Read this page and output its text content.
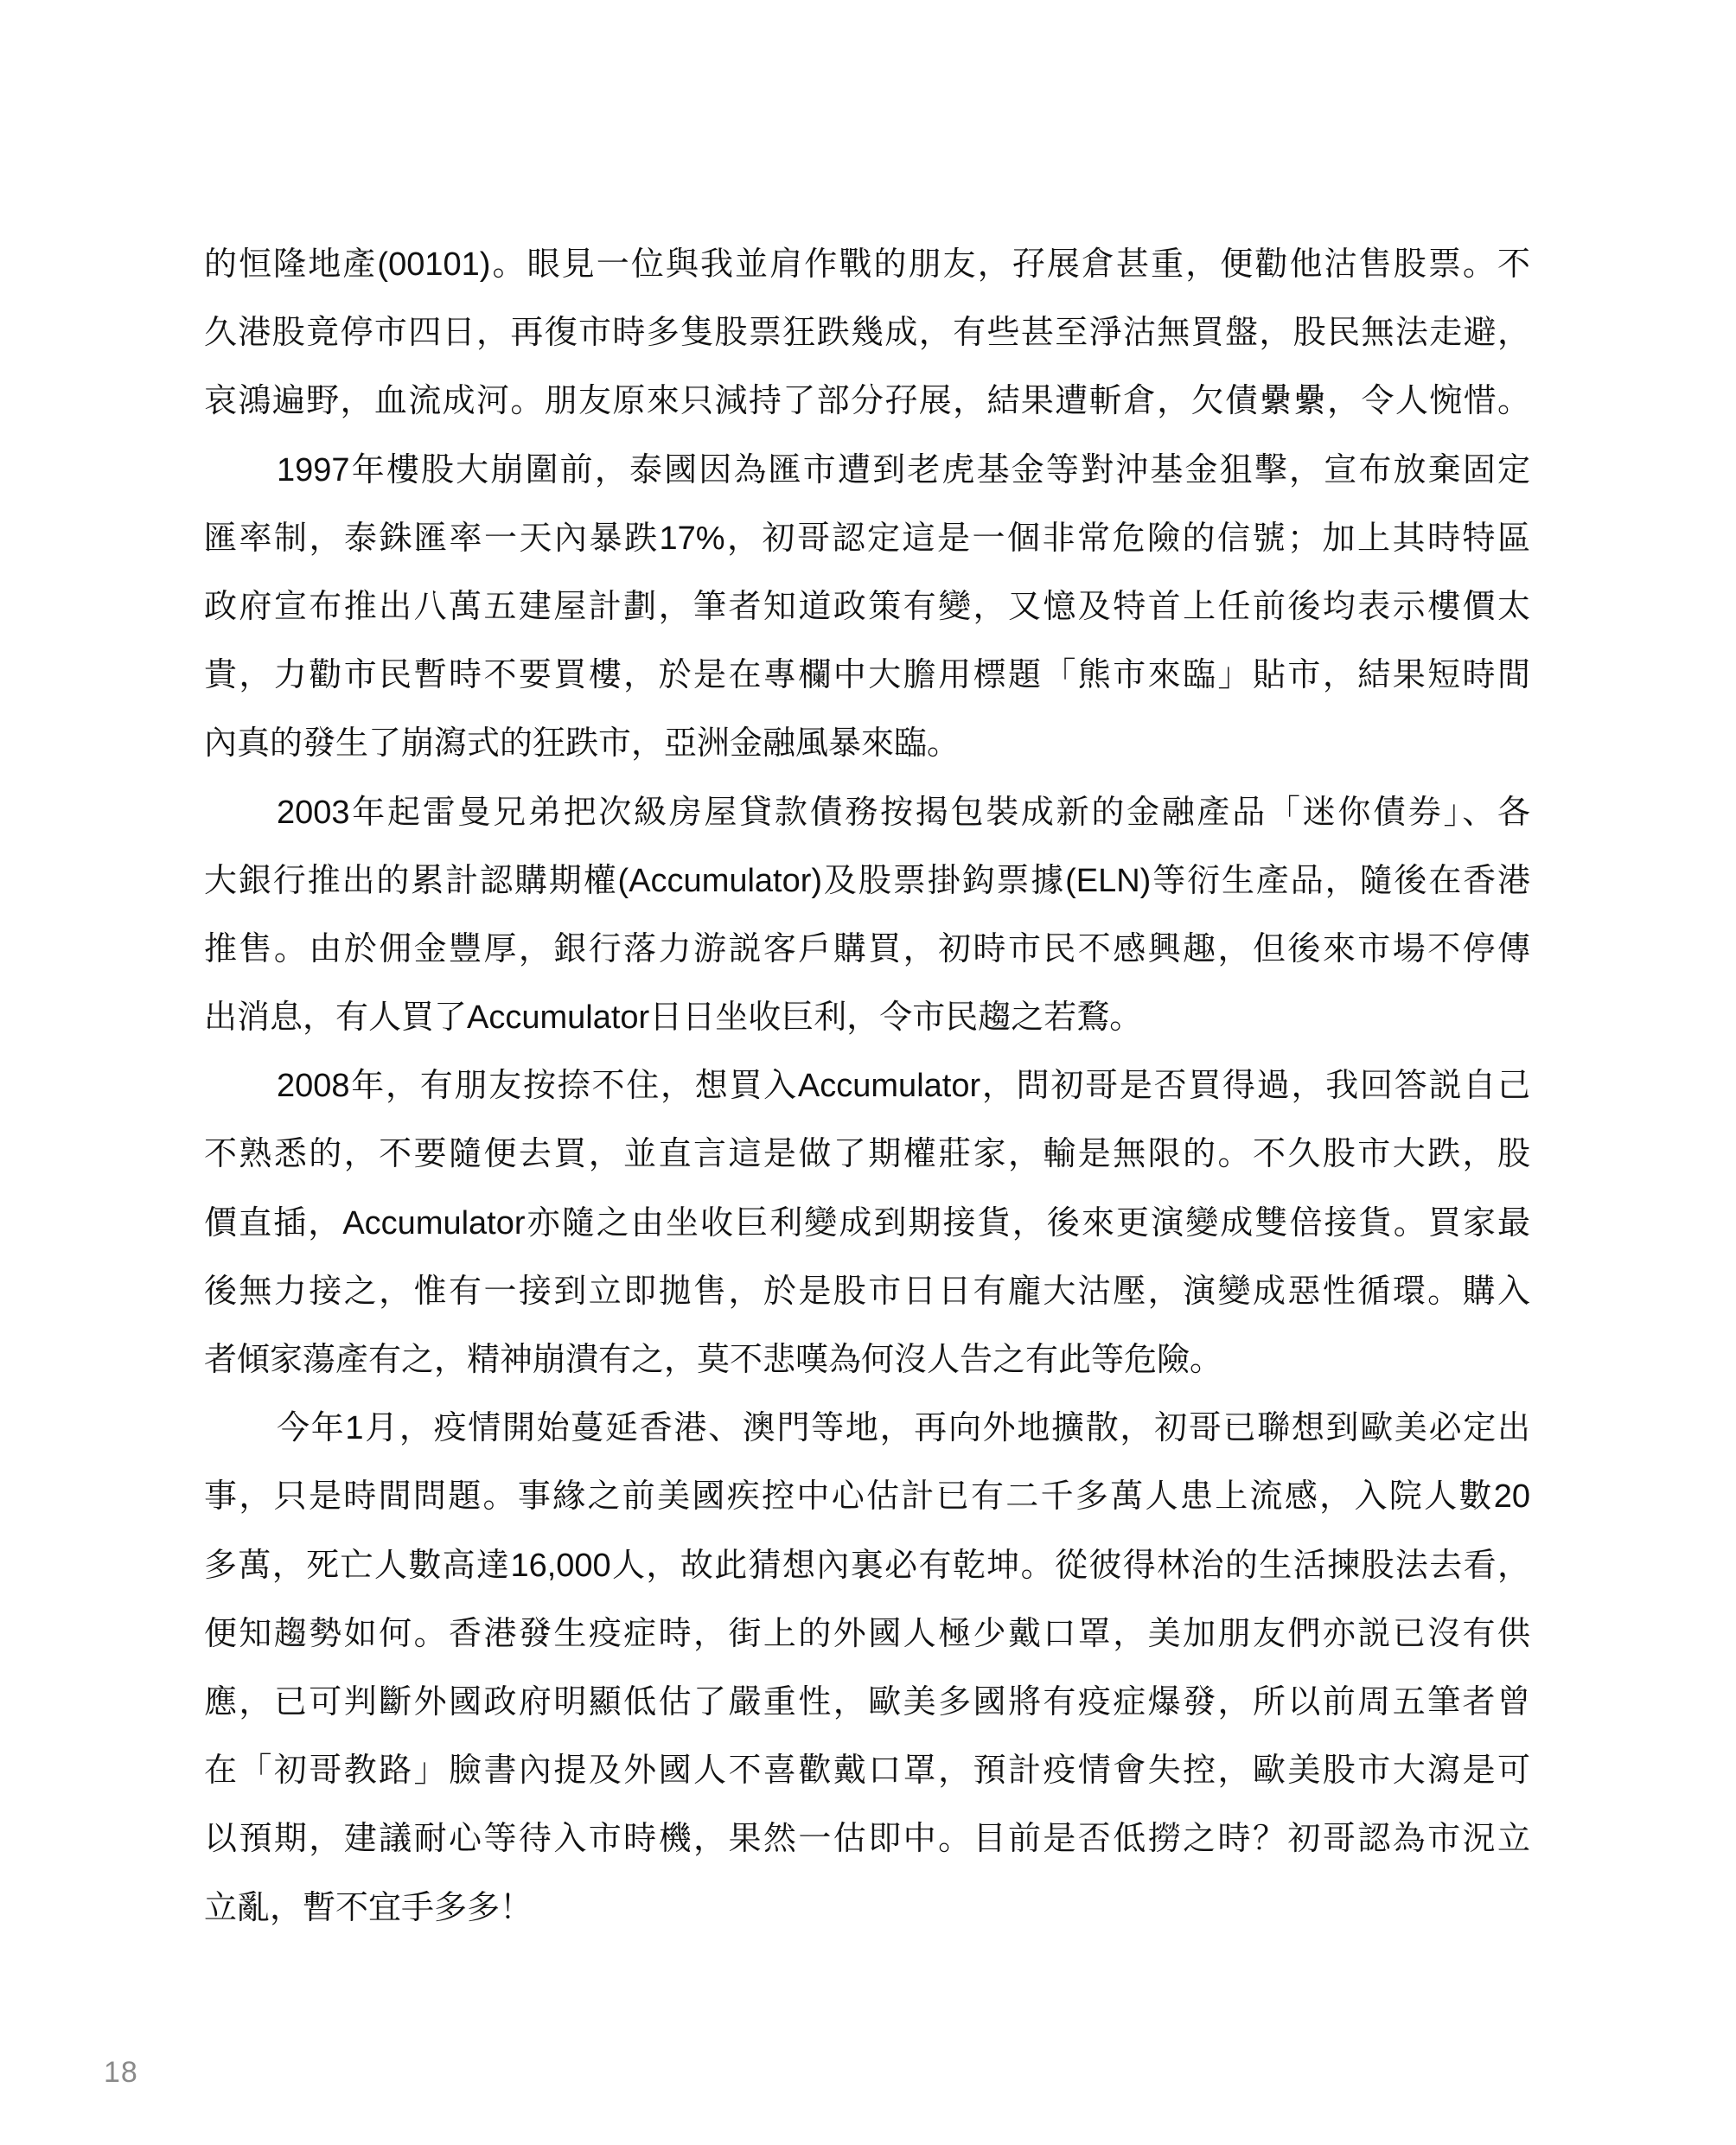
的恒隆地產(00101)。眼見一位與我並肩作戰的朋友，孖展倉甚重，便勸他沽售股票。不
久港股竟停市四日，再復市時多隻股票狂跌幾成，有些甚至淨沽無買盤，股民無法走避，
哀鴻遍野，血流成河。朋友原來只減持了部分孖展，結果遭斬倉，欠債纍纍，令人惋惜。
1997年樓股大崩圍前，泰國因為匯市遭到老虎基金等對沖基金狙擊，宣布放棄固定
匯率制，泰銖匯率一天內暴跌17%，初哥認定這是一個非常危險的信號；加上其時特區
政府宣布推出八萬五建屋計劃，筆者知道政策有變，又憶及特首上任前後均表示樓價太
貴，力勸市民暫時不要買樓，於是在專欄中大膽用標題「熊市來臨」貼市，結果短時間
內真的發生了崩瀉式的狂跌市，亞洲金融風暴來臨。
2003年起雷曼兄弟把次級房屋貸款債務按揭包裝成新的金融產品「迷你債券」、各
大銀行推出的累計認購期權(Accumulator)及股票掛鈎票據(ELN)等衍生產品，隨後在香港
推售。由於佣金豐厚，銀行落力游説客戶購買，初時市民不感興趣，但後來市場不停傳
出消息，有人買了Accumulator日日坐收巨利，令市民趨之若鶩。
2008年，有朋友按捺不住，想買入Accumulator，問初哥是否買得過，我回答説自己
不熟悉的，不要隨便去買，並直言這是做了期權莊家，輸是無限的。不久股市大跌，股
價直插，Accumulator亦隨之由坐收巨利變成到期接貨，後來更演變成雙倍接貨。買家最
後無力接之，惟有一接到立即拋售，於是股市日日有龐大沽壓，演變成惡性循環。購入
者傾家蕩產有之，精神崩潰有之，莫不悲嘆為何沒人告之有此等危險。
今年1月，疫情開始蔓延香港、澳門等地，再向外地擴散，初哥已聯想到歐美必定出
事，只是時間問題。事緣之前美國疾控中心估計已有二千多萬人患上流感，入院人數20
多萬，死亡人數高達16,000人，故此猜想內裏必有乾坤。從彼得林治的生活揀股法去看，
便知趨勢如何。香港發生疫症時，街上的外國人極少戴口罩，美加朋友們亦説已沒有供
應，已可判斷外國政府明顯低估了嚴重性，歐美多國將有疫症爆發，所以前周五筆者曾
在「初哥教路」臉書內提及外國人不喜歡戴口罩，預計疫情會失控，歐美股市大瀉是可
以預期，建議耐心等待入市時機，果然一估即中。目前是否低撈之時？初哥認為市況立
立亂，暫不宜手多多！
18
